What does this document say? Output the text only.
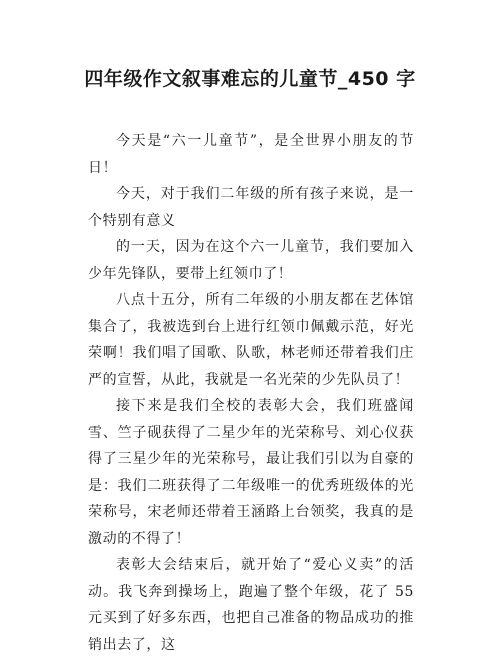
四年级作文叙事难忘的儿童节_450 字

今天是“六一儿童节”，是全世界小朋友的节日！

今天，对于我们二年级的所有孩子来说，是一个特别有意义

的一天，因为在这个六一儿童节，我们要加入少年先锋队，要带上红领巾了！

八点十五分，所有二年级的小朋友都在艺体馆集合了，我被选到台上进行红领巾佩戴示范，好光荣啊！我们唱了国歌、队歌，林老师还带着我们庄严的宣誓，从此，我就是一名光荣的少先队员了！

接下来是我们全校的表彰大会，我们班盛闻雪、竺子砚获得了二星少年的光荣称号、刘心仪获得了三星少年的光荣称号，最让我们引以为自豪的是：我们二班获得了二年级唯一的优秀班级体的光荣称号，宋老师还带着王涵路上台领奖，我真的是激动的不得了！

表彰大会结束后，就开始了“爱心义卖”的活动。我飞奔到操场上，跑遍了整个年级，花了 55 元买到了好多东西，也把自己准备的物品成功的推销出去了，这
